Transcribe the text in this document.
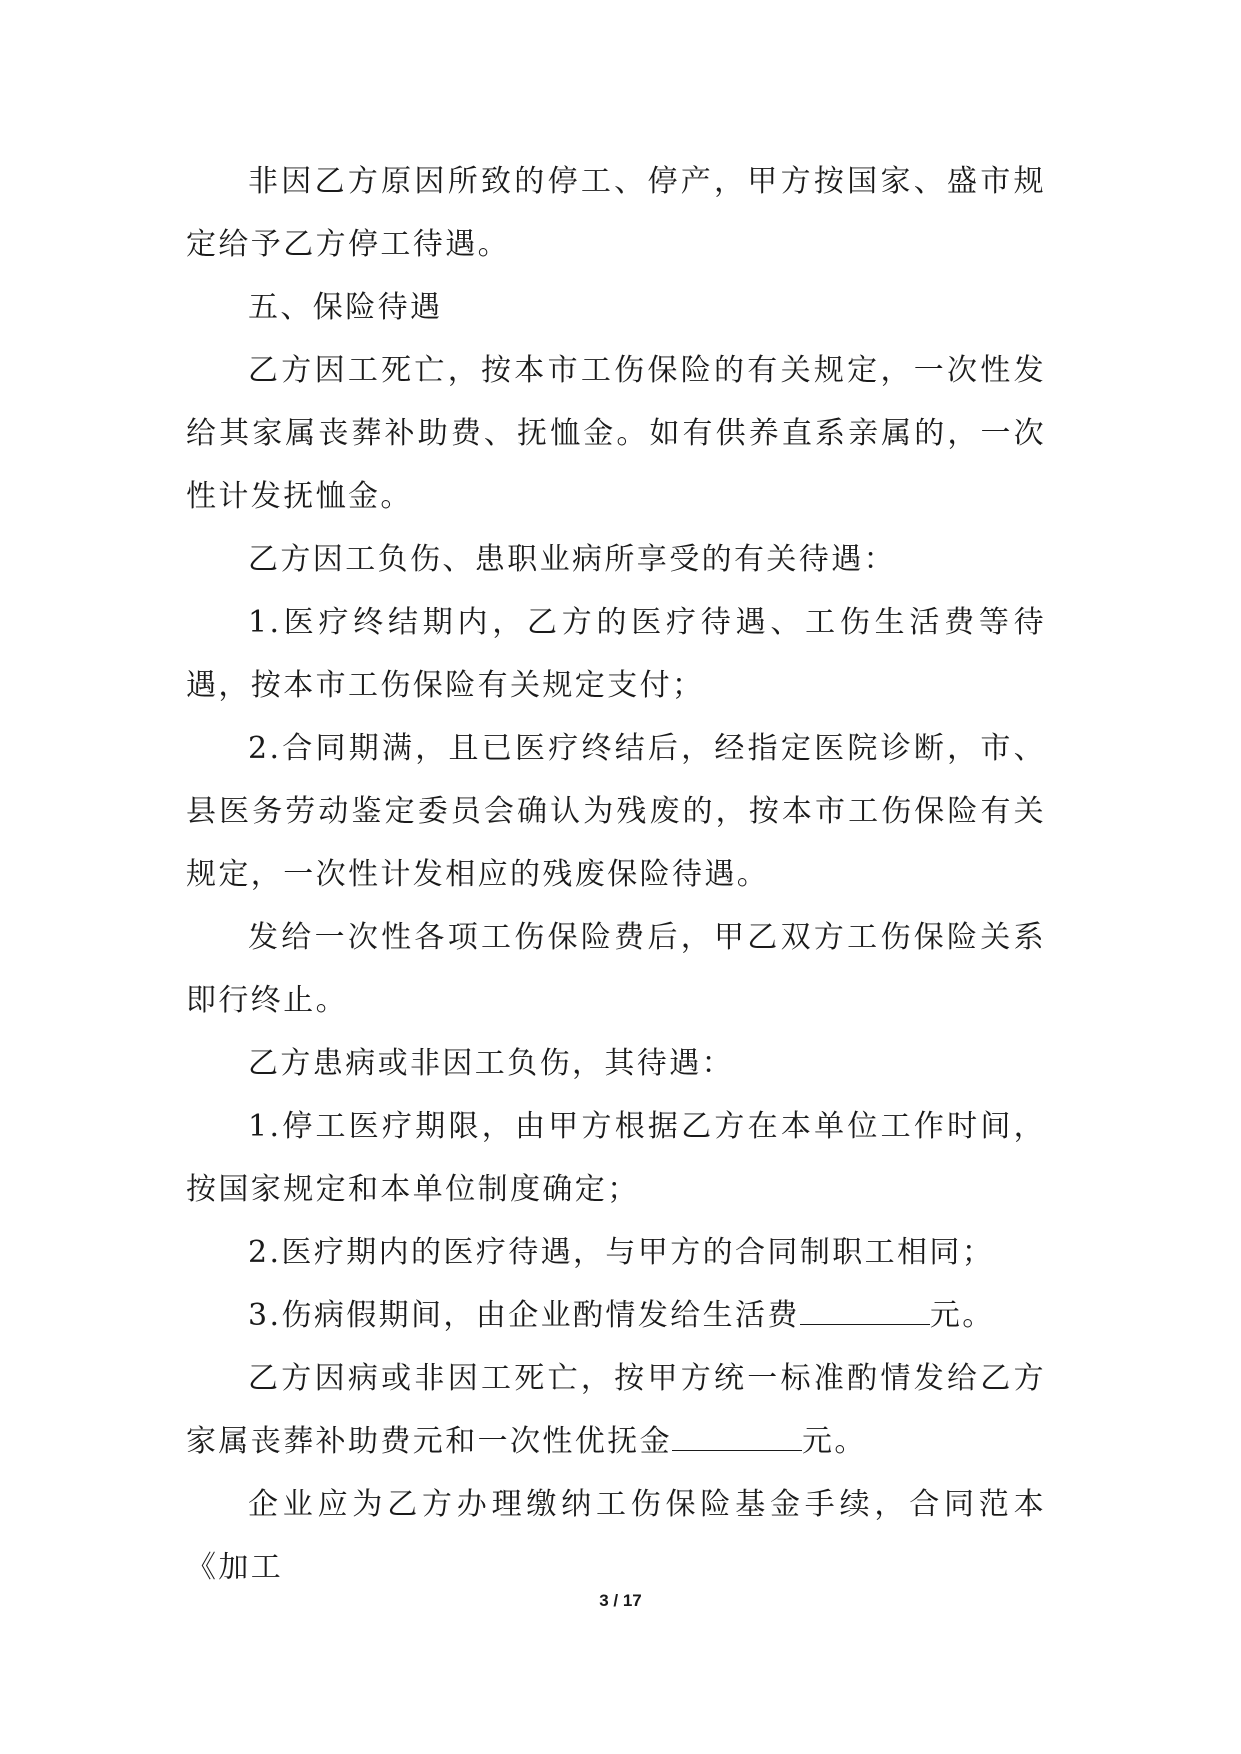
非因乙方原因所致的停工、停产，甲方按国家、盛市规定给予乙方停工待遇。

五、保险待遇

乙方因工死亡，按本市工伤保险的有关规定，一次性发给其家属丧葬补助费、抚恤金。如有供养直系亲属的，一次性计发抚恤金。

乙方因工负伤、患职业病所享受的有关待遇：

1.医疗终结期内，乙方的医疗待遇、工伤生活费等待遇，按本市工伤保险有关规定支付；

2.合同期满，且已医疗终结后，经指定医院诊断，市、县医务劳动鉴定委员会确认为残废的，按本市工伤保险有关规定，一次性计发相应的残废保险待遇。

发给一次性各项工伤保险费后，甲乙双方工伤保险关系即行终止。

乙方患病或非因工负伤，其待遇：

1.停工医疗期限，由甲方根据乙方在本单位工作时间，按国家规定和本单位制度确定；

2.医疗期内的医疗待遇，与甲方的合同制职工相同；

3.伤病假期间，由企业酌情发给生活费	元。

乙方因病或非因工死亡，按甲方统一标准酌情发给乙方家属丧葬补助费元和一次性优抚金	元。

企业应为乙方办理缴纳工伤保险基金手续，合同范本《加工

3 / 17
